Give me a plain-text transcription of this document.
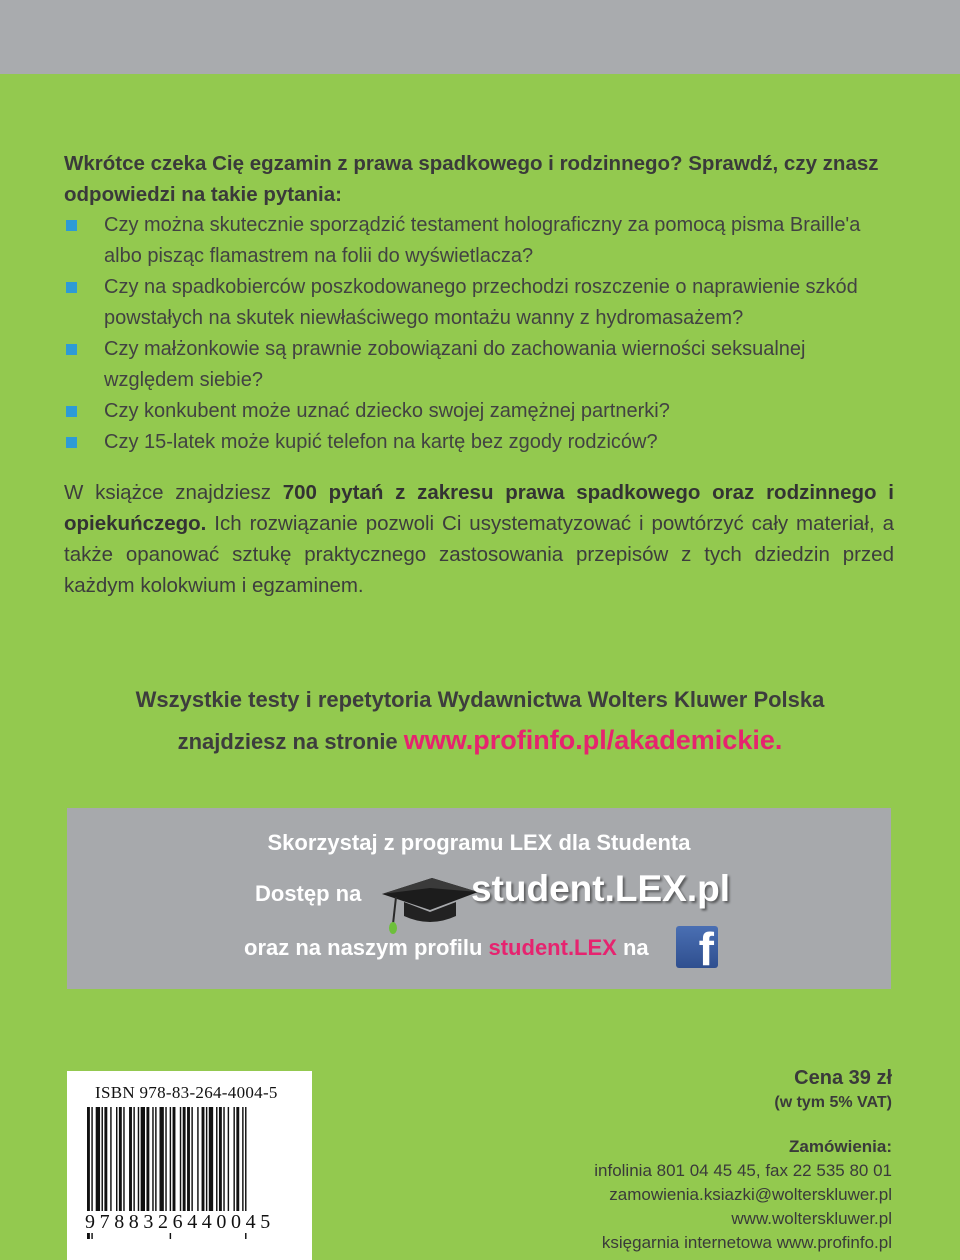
Wkrótce czeka Cię egzamin z prawa spadkowego i rodzinnego? Sprawdź, czy znasz odpowiedzi na takie pytania:

Czy można skutecznie sporządzić testament holograficzny za pomocą pisma Braille'a albo pisząc flamastrem na folii do wyświetlacza?
Czy na spadkobierców poszkodowanego przechodzi roszczenie o naprawienie szkód powstałych na skutek niewłaściwego montażu wanny z hydromasażem?
Czy małżonkowie są prawnie zobowiązani do zachowania wierności seksualnej względem siebie?
Czy konkubent może uznać dziecko swojej zamężnej partnerki?
Czy 15-latek może kupić telefon na kartę bez zgody rodziców?

W książce znajdziesz 700 pytań z zakresu prawa spadkowego oraz rodzinnego i opiekuńczego. Ich rozwiązanie pozwoli Ci usystematyzować i powtórzyć cały materiał, a także opanować sztukę praktycznego zastosowania przepisów z tych dziedzin przed każdym kolokwium i egzaminem.

Wszystkie testy i repetytoria Wydawnictwa Wolters Kluwer Polska
znajdziesz na stronie www.profinfo.pl/akademickie.
Skorzystaj z programu LEX dla Studenta
Dostęp na	student.LEX.pl
oraz na naszym profilu student.LEX na f
ISBN 978-83-264-4004-5
9788326440045
Cena 39 zł
(w tym 5% VAT)
Zamówienia:
infolinia 801 04 45 45, fax 22 535 80 01
zamowienia.ksiazki@wolterskluwer.pl
www.wolterskluwer.pl
księgarnia internetowa www.profinfo.pl
